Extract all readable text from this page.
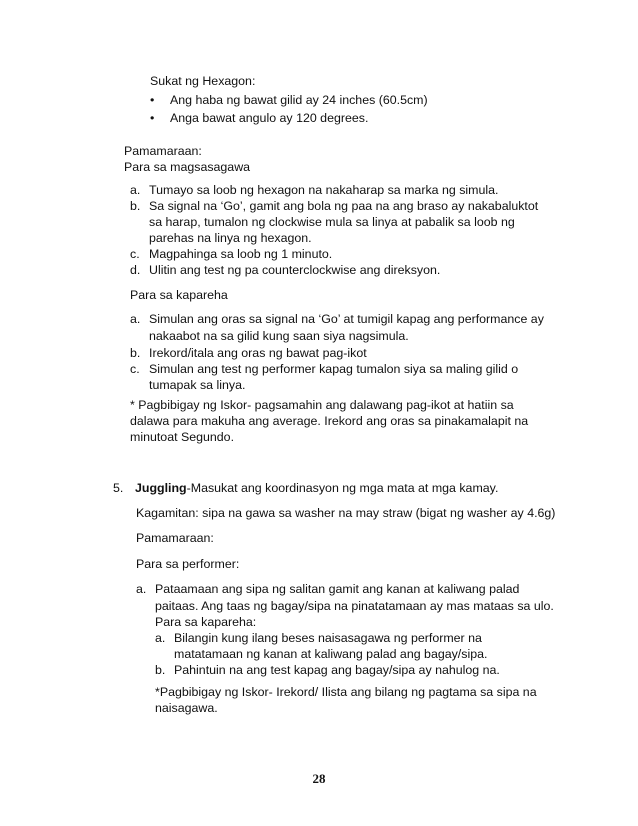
Sukat ng Hexagon:
• Ang haba ng bawat gilid ay 24 inches (60.5cm)
• Anga bawat angulo ay 120 degrees.
Pamamaraan:
Para sa magsasagawa
a. Tumayo sa loob ng hexagon na nakaharap sa marka ng simula.
b. Sa signal na ‘Go’, gamit ang bola ng paa na ang braso ay nakabaluktot
sa harap, tumalon ng clockwise mula sa linya at pabalik sa loob ng
parehas na linya ng hexagon.
c. Magpahinga sa loob ng 1 minuto.
d. Ulitin ang test ng pa counterclockwise ang direksyon.
Para sa kapareha
a. Simulan ang oras sa signal na ‘Go’ at tumigil kapag ang performance ay
nakaabot na sa gilid kung saan siya nagsimula.
b. Irekord/itala ang oras ng bawat pag-ikot
c. Simulan ang test ng performer kapag tumalon siya sa maling gilid o
tumapak sa linya.
* Pagbibigay ng Iskor- pagsamahin ang dalawang pag-ikot at hatiin sa
dalawa para makuha ang average. Irekord ang oras sa pinakamalapit na
minutoat Segundo.
5. Juggling-Masukat ang koordinasyon ng mga mata at mga kamay.
Kagamitan: sipa na gawa sa washer na may straw (bigat ng washer ay 4.6g)
Pamamaraan:
Para sa performer:
a. Pataamaan ang sipa ng salitan gamit ang kanan at kaliwang palad
paitaas. Ang taas ng bagay/sipa na pinatatamaan ay mas mataas sa ulo.
Para sa kapareha:
a. Bilangin kung ilang beses naisasagawa ng performer na
matatamaan ng kanan at kaliwang palad ang bagay/sipa.
b. Pahintuin na ang test kapag ang bagay/sipa ay nahulog na.
*Pagbibigay ng Iskor- Irekord/ Ilista ang bilang ng pagtama sa sipa na
naisagawa.
28
